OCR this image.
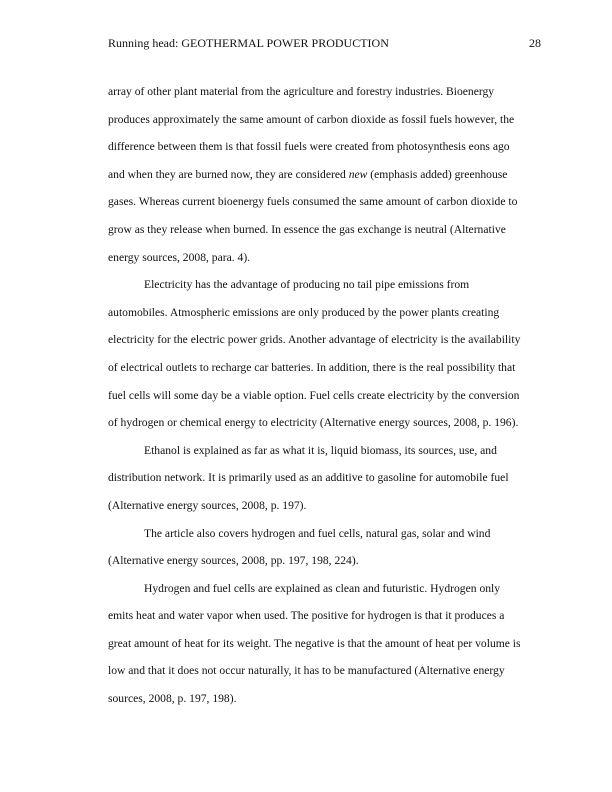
Running head: GEOTHERMAL POWER PRODUCTION	28
array of other plant material from the agriculture and forestry industries. Bioenergy
produces approximately the same amount of carbon dioxide as fossil fuels however, the
difference between them is that fossil fuels were created from photosynthesis eons ago
and when they are burned now, they are considered new (emphasis added) greenhouse
gases. Whereas current bioenergy fuels consumed the same amount of carbon dioxide to
grow as they release when burned. In essence the gas exchange is neutral (Alternative
energy sources, 2008, para. 4).
Electricity has the advantage of producing no tail pipe emissions from
automobiles. Atmospheric emissions are only produced by the power plants creating
electricity for the electric power grids. Another advantage of electricity is the availability
of electrical outlets to recharge car batteries. In addition, there is the real possibility that
fuel cells will some day be a viable option. Fuel cells create electricity by the conversion
of hydrogen or chemical energy to electricity (Alternative energy sources, 2008, p. 196).
Ethanol is explained as far as what it is, liquid biomass, its sources, use, and
distribution network. It is primarily used as an additive to gasoline for automobile fuel
(Alternative energy sources, 2008, p. 197).
The article also covers hydrogen and fuel cells, natural gas, solar and wind
(Alternative energy sources, 2008, pp. 197, 198, 224).
Hydrogen and fuel cells are explained as clean and futuristic. Hydrogen only
emits heat and water vapor when used. The positive for hydrogen is that it produces a
great amount of heat for its weight. The negative is that the amount of heat per volume is
low and that it does not occur naturally, it has to be manufactured (Alternative energy
sources, 2008, p. 197, 198).
